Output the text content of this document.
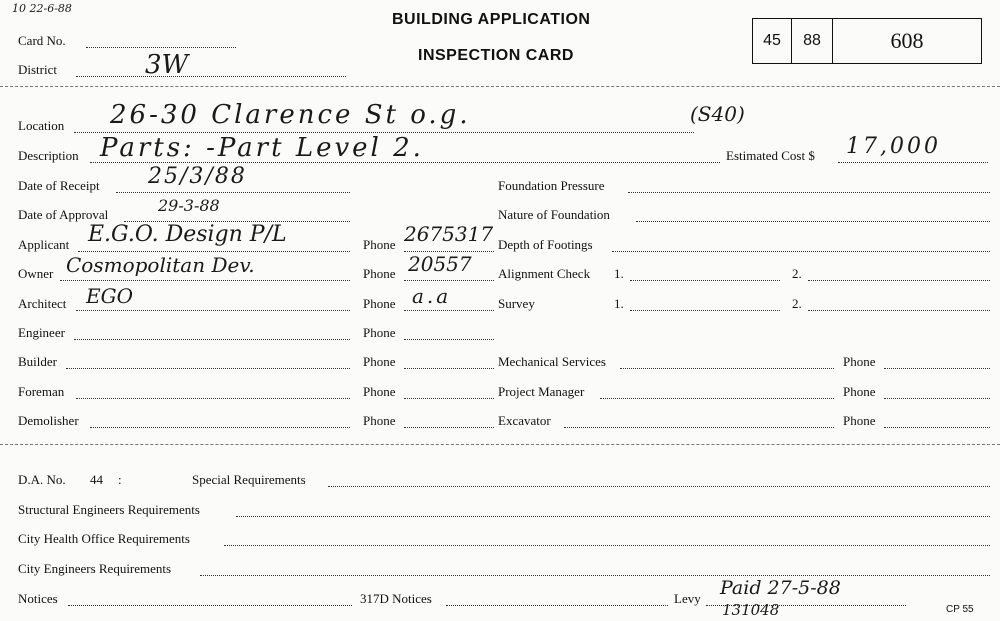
10 22-6-88
Card No.
District	3W
BUILDING APPLICATION
INSPECTION CARD
45	88	608
Location 26-30 Clarence St o.g.	(S40)
Description Parts: -Part Level 2.	Estimated Cost $ 17,000
Date of Receipt 25/3/88
Date of Approval	29-3-88
Applicant E.G.O. Design P/L	Phone 2675317
Owner Cosmopolitan Dev.	Phone 20557
Architect EGO	Phone a.a
Engineer	Phone
Builder	Phone
Foreman	Phone
Demolisher	Phone
Foundation Pressure
Nature of Foundation
Depth of Footings
Alignment Check 1.	2.
Survey	1.	2.
Mechanical Services	Phone
Project Manager	Phone
Excavator	Phone
D.A. No. 44 :	Special Requirements
Structural Engineers Requirements
City Health Office Requirements
City Engineers Requirements
Notices	317D Notices	Levy Paid 27-5-88
131048	CP 55
